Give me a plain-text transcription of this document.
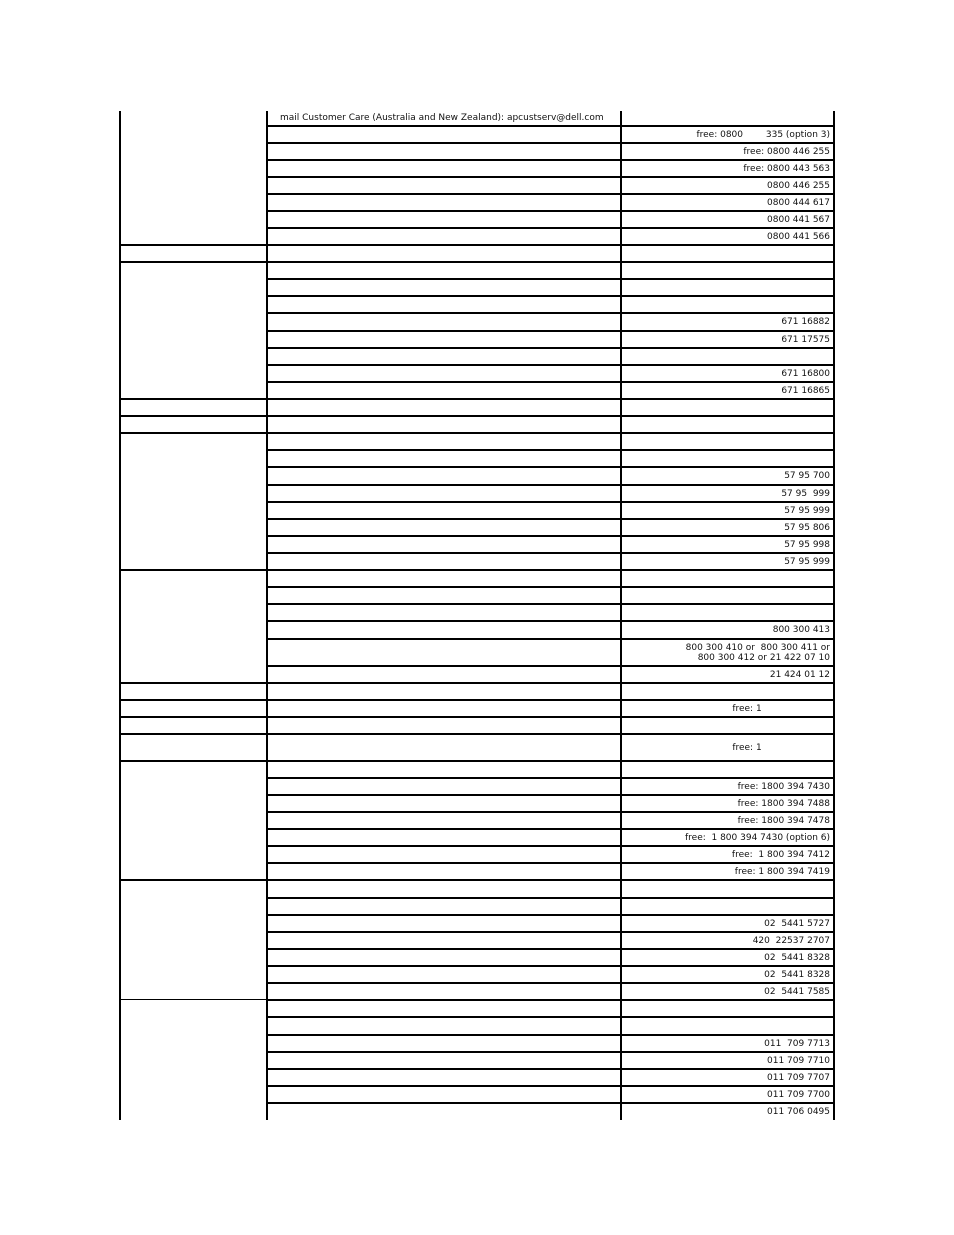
mail Customer Care (Australia and New Zealand): apcustserv@dell.com
free: 0800        335 (option 3)
free: 0800 446 255
free: 0800 443 563
0800 446 255
0800 444 617
0800 441 567
0800 441 566
671 16882
671 17575
671 16800
671 16865
57 95 700
57 95  999
57 95 999
57 95 806
57 95 998
57 95 999
800 300 413
800 300 410 or  800 300 411 or
800 300 412 or 21 422 07 10
21 424 01 12
free: 1
free: 1
free: 1800 394 7430
free: 1800 394 7488
free: 1800 394 7478
free:  1 800 394 7430 (option 6)
free:  1 800 394 7412
free: 1 800 394 7419
02  5441 5727
420  22537 2707
02  5441 8328
02  5441 8328
02  5441 7585
011  709 7713
011 709 7710
011 709 7707
011 709 7700
011 706 0495
